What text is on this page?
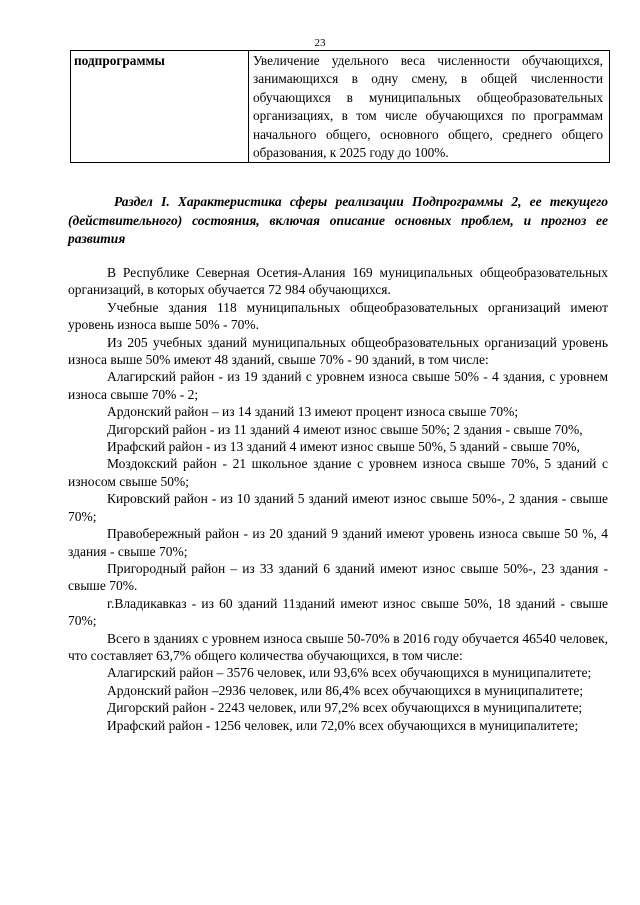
23
подпрограммы	Увеличение удельного веса численности обучающихся, занимающихся в одну смену, в общей численности обучающихся в муниципальных общеобразовательных организациях, в том числе обучающихся по программам начального общего, основного общего, среднего общего образования, к 2025 году до 100%.
Раздел I. Характеристика сферы реализации Подпрограммы 2, ее текущего (действительного) состояния, включая описание основных проблем, и прогноз ее развития

В Республике Северная Осетия-Алания 169 муниципальных общеобразовательных организаций, в которых обучается 72 984 обучающихся.

Учебные здания 118 муниципальных общеобразовательных организаций имеют уровень износа выше 50% - 70%.

Из 205 учебных зданий муниципальных общеобразовательных организаций уровень износа выше 50% имеют 48 зданий, свыше 70% - 90 зданий, в том числе:

Алагирский район - из 19 зданий с уровнем износа свыше 50% - 4 здания, с уровнем износа свыше 70% - 2;

Ардонский район – из 14 зданий 13 имеют процент износа свыше 70%;

Дигорский район - из 11 зданий 4 имеют износ свыше 50%; 2 здания - свыше 70%,

Ирафский район - из 13 зданий 4 имеют износ свыше 50%, 5 зданий - свыше 70%,

Моздокский район - 21 школьное здание с уровнем износа свыше 70%, 5 зданий с износом свыше 50%;

Кировский район - из 10 зданий 5 зданий имеют износ свыше 50%-, 2 здания - свыше 70%;

Правобережный район - из 20 зданий 9 зданий имеют уровень износа свыше 50 %, 4 здания - свыше 70%;

Пригородный район – из 33 зданий 6 зданий имеют износ свыше 50%-, 23 здания - свыше 70%.

г.Владикавказ - из 60 зданий 11зданий имеют износ свыше 50%, 18 зданий - свыше 70%;

Всего в зданиях с уровнем износа свыше 50-70% в 2016 году обучается 46540 человек, что составляет 63,7% общего количества обучающихся, в том числе:

Алагирский район – 3576 человек, или 93,6% всех обучающихся в муниципалитете;

Ардонский район –2936 человек, или 86,4% всех обучающихся в муниципалитете;

Дигорский район - 2243 человек, или 97,2% всех обучающихся в муниципалитете;

Ирафский район - 1256 человек, или 72,0% всех обучающихся в муниципалитете;
